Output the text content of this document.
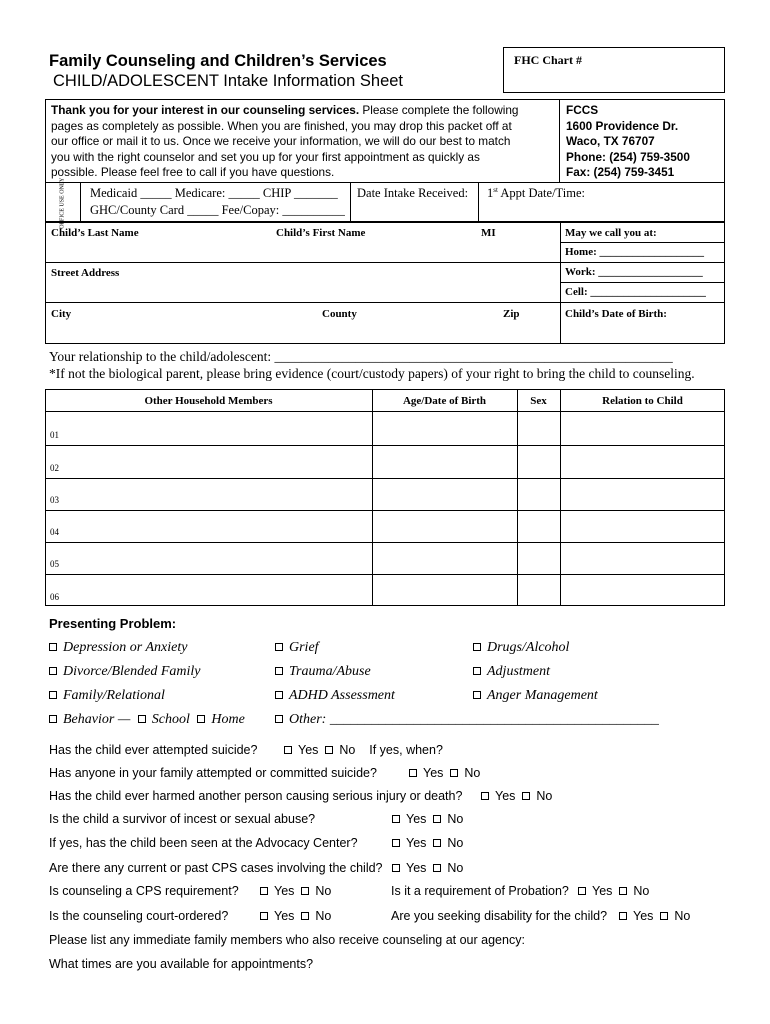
Family Counseling and Children’s Services
CHILD/ADOLESCENT Intake Information Sheet
FHC Chart #
Thank you for your interest in our counseling services. Please complete the following
pages as completely as possible. When you are finished, you may drop this packet off at
our office or mail it to us. Once we receive your information, we will do our best to match
you with the right counselor and set you up for your first appointment as quickly as
possible. Please feel free to call if you have questions.
FCCS
1600 Providence Dr.
Waco, TX 76707
Phone: (254) 759-3500
Fax: (254) 759-3451
OFFICE USE ONLY Medicaid _____ Medicare: _____ CHIP _______
GHC/County Card _____ Fee/Copay: __________
Date Intake Received: 1st Appt Date/Time:
Child’s Last Name	Child’s First Name	MI	May we call you at:
Home: ___________________
Street Address	Work: ___________________
Cell: _____________________
City	County	Zip	Child’s Date of Birth:
Your relationship to the child/adolescent: ___________________________________________________________
*If not the biological parent, please bring evidence (court/custody papers) of your right to bring the child to counseling.
Other Household Members	Age/Date of Birth	Sex	Relation to Child
01
02
03
04
05
06
Presenting Problem:
Depression or Anxiety
Divorce/Blended Family
Family/Relational
Behavior — School Home
Grief
Trauma/Abuse
ADHD Assessment
Other: _______________________________________________
Drugs/Alcohol
Adjustment
Anger Management
Has the child ever attempted suicide?	Yes No If yes, when?
Has anyone in your family attempted or committed suicide?	Yes No
Has the child ever harmed another person causing serious injury or death?	Yes No
Is the child a survivor of incest or sexual abuse?	Yes No
If yes, has the child been seen at the Advocacy Center?	Yes No
Are there any current or past CPS cases involving the child?	Yes No
Is counseling a CPS requirement?	Yes No	Is it a requirement of Probation?	Yes No
Is the counseling court-ordered?	Yes No	Are you seeking disability for the child?	Yes No
Please list any immediate family members who also receive counseling at our agency:
What times are you available for appointments?
